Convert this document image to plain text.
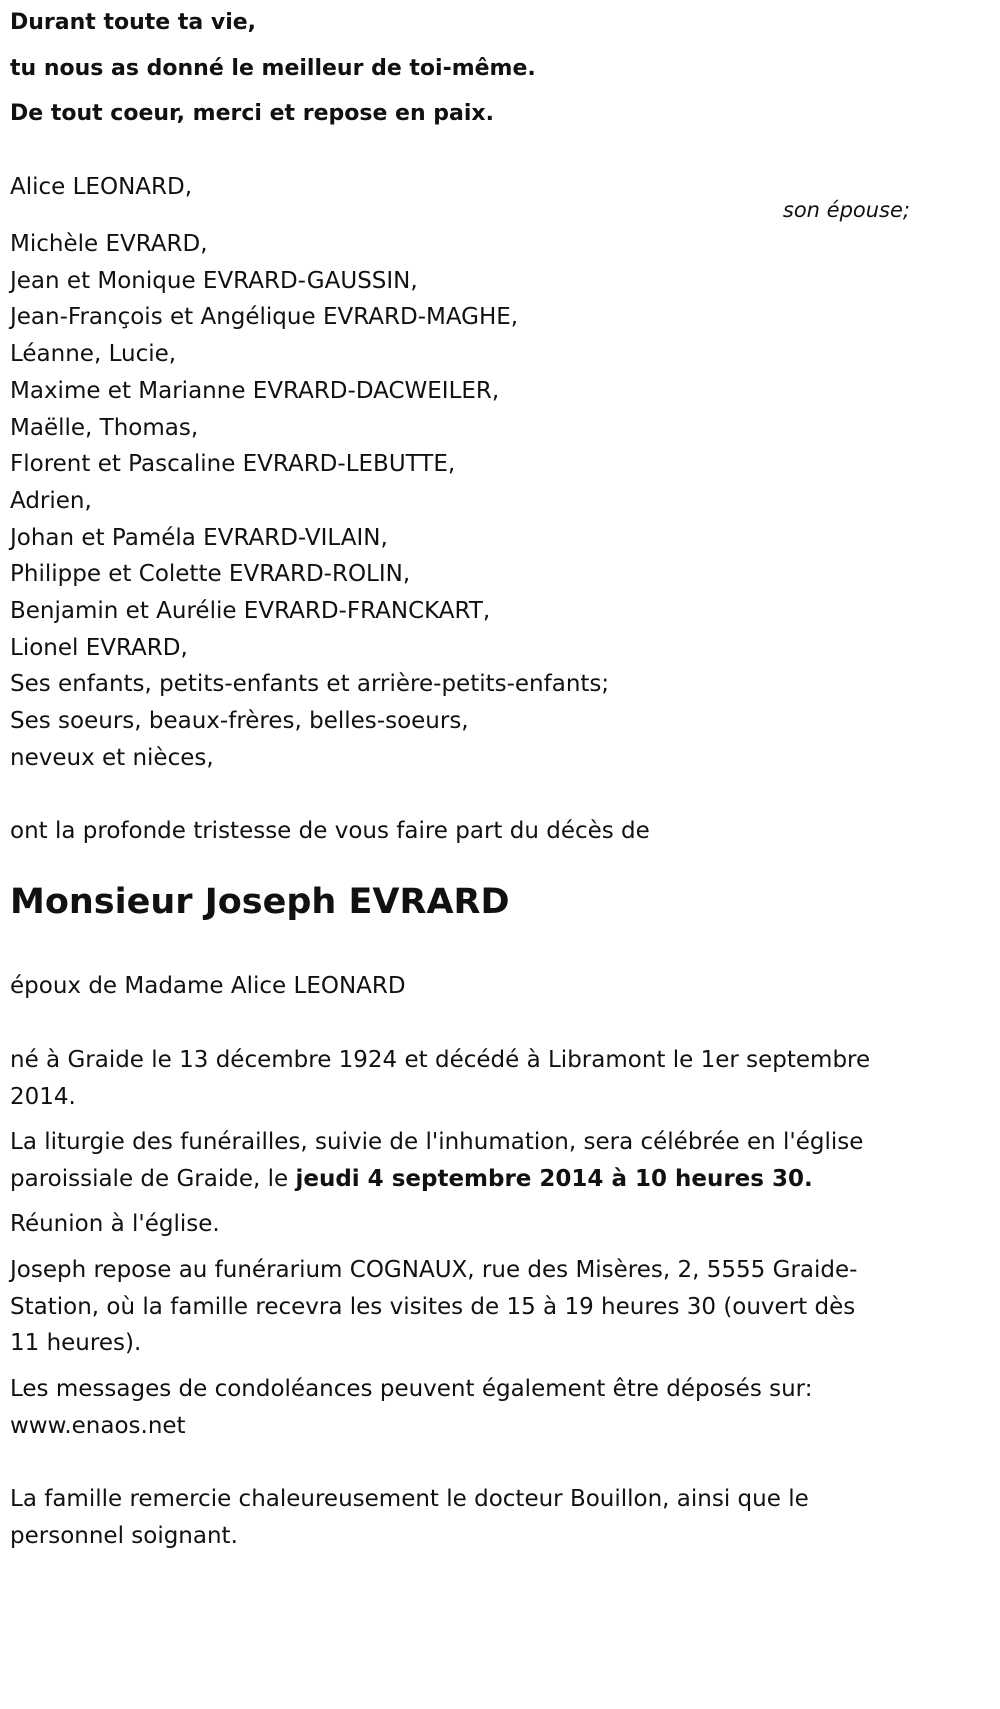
Durant toute ta vie,
tu nous as donné le meilleur de toi-même.
De tout coeur, merci et repose en paix.
Alice LEONARD,
son épouse;
Michèle EVRARD,
Jean et Monique EVRARD-GAUSSIN,
Jean-François et Angélique EVRARD-MAGHE,
Léanne, Lucie,
Maxime et Marianne EVRARD-DACWEILER,
Maëlle, Thomas,
Florent et Pascaline EVRARD-LEBUTTE,
Adrien,
Johan et Paméla EVRARD-VILAIN,
Philippe et Colette EVRARD-ROLIN,
Benjamin et Aurélie EVRARD-FRANCKART,
Lionel EVRARD,
Ses enfants, petits-enfants et arrière-petits-enfants;
Ses soeurs, beaux-frères, belles-soeurs,
neveux et nièces,
ont la profonde tristesse de vous faire part du décès de
Monsieur Joseph EVRARD
époux de Madame Alice LEONARD
né à Graide le 13 décembre 1924 et décédé à Libramont le 1er septembre
2014.
La liturgie des funérailles, suivie de l'inhumation, sera célébrée en l'église
paroissiale de Graide, le jeudi 4 septembre 2014 à 10 heures 30.
Réunion à l'église.
Joseph repose au funérarium COGNAUX, rue des Misères, 2, 5555 Graide-
Station, où la famille recevra les visites de 15 à 19 heures 30 (ouvert dès
11 heures).
Les messages de condoléances peuvent également être déposés sur:
www.enaos.net
La famille remercie chaleureusement le docteur Bouillon, ainsi que le
personnel soignant.
